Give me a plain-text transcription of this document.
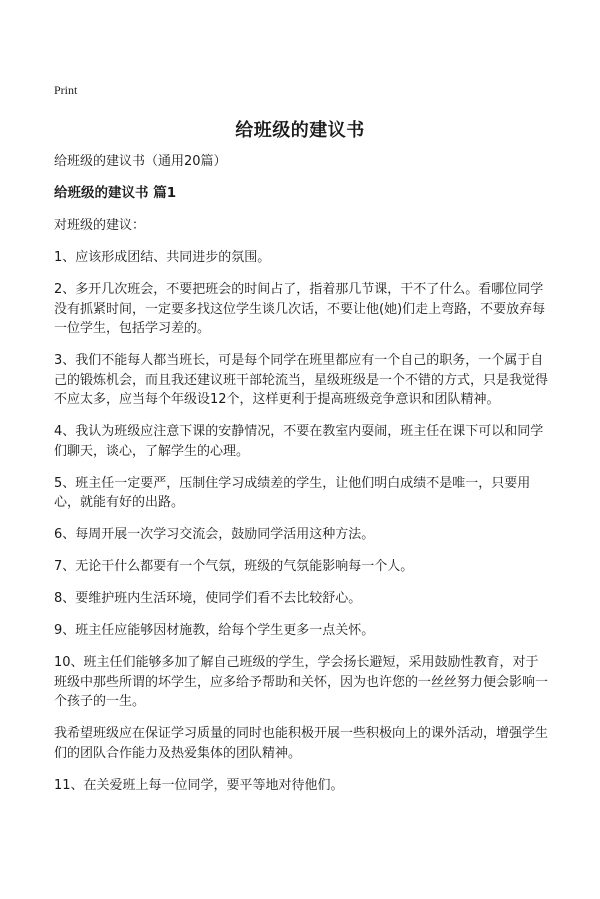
Print
给班级的建议书

给班级的建议书（通用20篇）

给班级的建议书 篇1

对班级的建议：

1、应该形成团结、共同进步的氛围。

2、多开几次班会，不要把班会的时间占了，指着那几节课，干不了什么。看哪位同学没有抓紧时间，一定要多找这位学生谈几次话，不要让他(她)们走上弯路，不要放弃每一位学生，包括学习差的。

3、我们不能每人都当班长，可是每个同学在班里都应有一个自己的职务，一个属于自己的锻炼机会，而且我还建议班干部轮流当，星级班级是一个不错的方式，只是我觉得不应太多，应当每个年级设12个，这样更利于提高班级竞争意识和团队精神。

4、我认为班级应注意下课的安静情况，不要在教室内耍闹，班主任在课下可以和同学们聊天，谈心，了解学生的心理。

5、班主任一定要严，压制住学习成绩差的学生，让他们明白成绩不是唯一，只要用心，就能有好的出路。

6、每周开展一次学习交流会，鼓励同学活用这种方法。

7、无论干什么都要有一个气氛，班级的气氛能影响每一个人。

8、要维护班内生活环境，使同学们看不去比较舒心。

9、班主任应能够因材施教，给每个学生更多一点关怀。

10、班主任们能够多加了解自己班级的学生，学会扬长避短，采用鼓励性教育，对于班级中那些所谓的坏学生，应多给予帮助和关怀，因为也许您的一丝丝努力便会影响一个孩子的一生。

我希望班级应在保证学习质量的同时也能积极开展一些积极向上的课外活动，增强学生们的团队合作能力及热爱集体的团队精神。

11、在关爱班上每一位同学，要平等地对待他们。
